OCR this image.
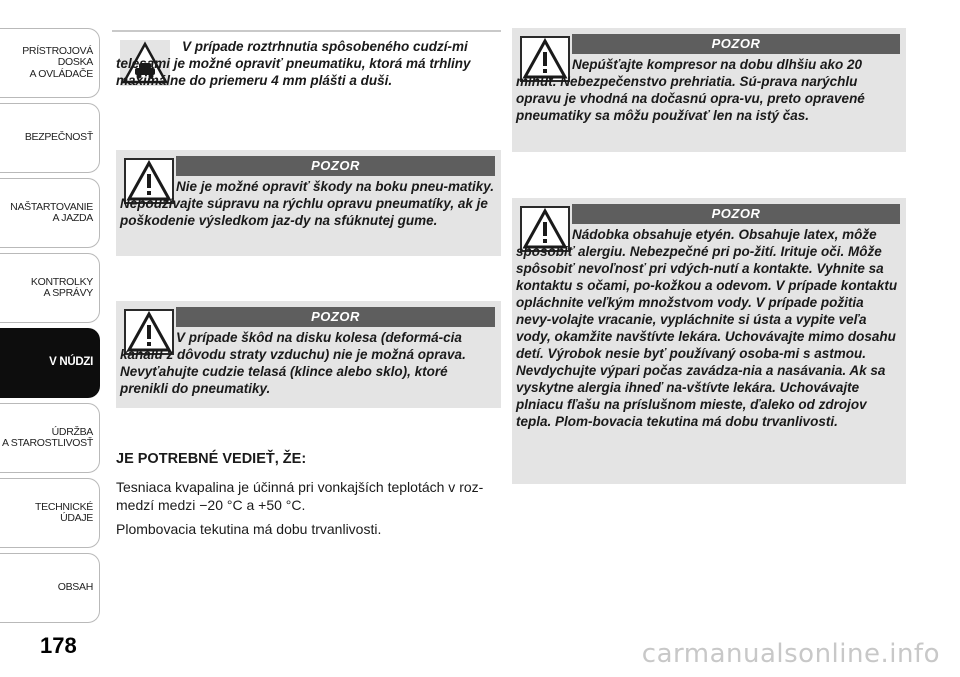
PRÍSTROJOVÁ
DOSKA
A OVLÁDAČE
BEZPEČNOSŤ
NAŠTARTOVANIE
A JAZDA
KONTROLKY
A SPRÁVY
V NÚDZI
ÚDRŽBA
A STAROSTLIVOSŤ
TECHNICKÉ ÚDAJE
OBSAH
178
V prípade roztrhnutia spôsobeného cudzí-mi telesami je možné opraviť pneumatiku, ktorá má trhliny maximálne do priemeru 4 mm plášti a duši.
POZOR
Nie je možné opraviť škody na boku pneu-matiky. Nepoužívajte súpravu na rýchlu opravu pneumatíky, ak je poškodenie výsledkom jaz-dy na sfúknutej gume.
POZOR
V prípade škôd na disku kolesa (deformá-cia kanálu z dôvodu straty vzduchu) nie je možná oprava. Nevyťahujte cudzie telasá (klince alebo sklo), ktoré prenikli do pneumatiky.
JE POTREBNÉ VEDIEŤ, ŽE:
Tesniaca kvapalina je účinná pri vonkajších teplotách v roz-medzí medzi −20 °C a +50 °C.
Plombovacia tekutina má dobu trvanlivosti.
POZOR
Nepúšťajte kompresor na dobu dlhšiu ako 20 minút. Nebezpečenstvo prehriatia. Sú-prava narýchlu opravu je vhodná na dočasnú opra-vu, preto opravené pneumatiky sa môžu používať len na istý čas.
POZOR
Nádobka obsahuje etyén. Obsahuje latex, môže spôsobiť alergiu. Nebezpečné pri po-žití. Irituje oči. Môže spôsobiť nevoľnosť pri vdých-nutí a kontakte. Vyhnite sa kontaktu s očami, po-kožkou a odevom. V prípade kontaktu opláchnite veľkým množstvom vody. V prípade požitia nevy-volajte vracanie, vypláchnite si ústa a vypite veľa vody, okamžite navštívte lekára. Uchovávajte mimo dosahu detí. Výrobok nesie byť používaný osoba-mi s astmou. Nevdychujte výpari počas zavádza-nia a nasávania. Ak sa vyskytne alergia ihneď na-vštívte lekára. Uchovávajte plniacu fľašu na príslušnom mieste, ďaleko od zdrojov tepla. Plom-bovacia tekutina má dobu trvanlivosti.
carmanualsonline.info
